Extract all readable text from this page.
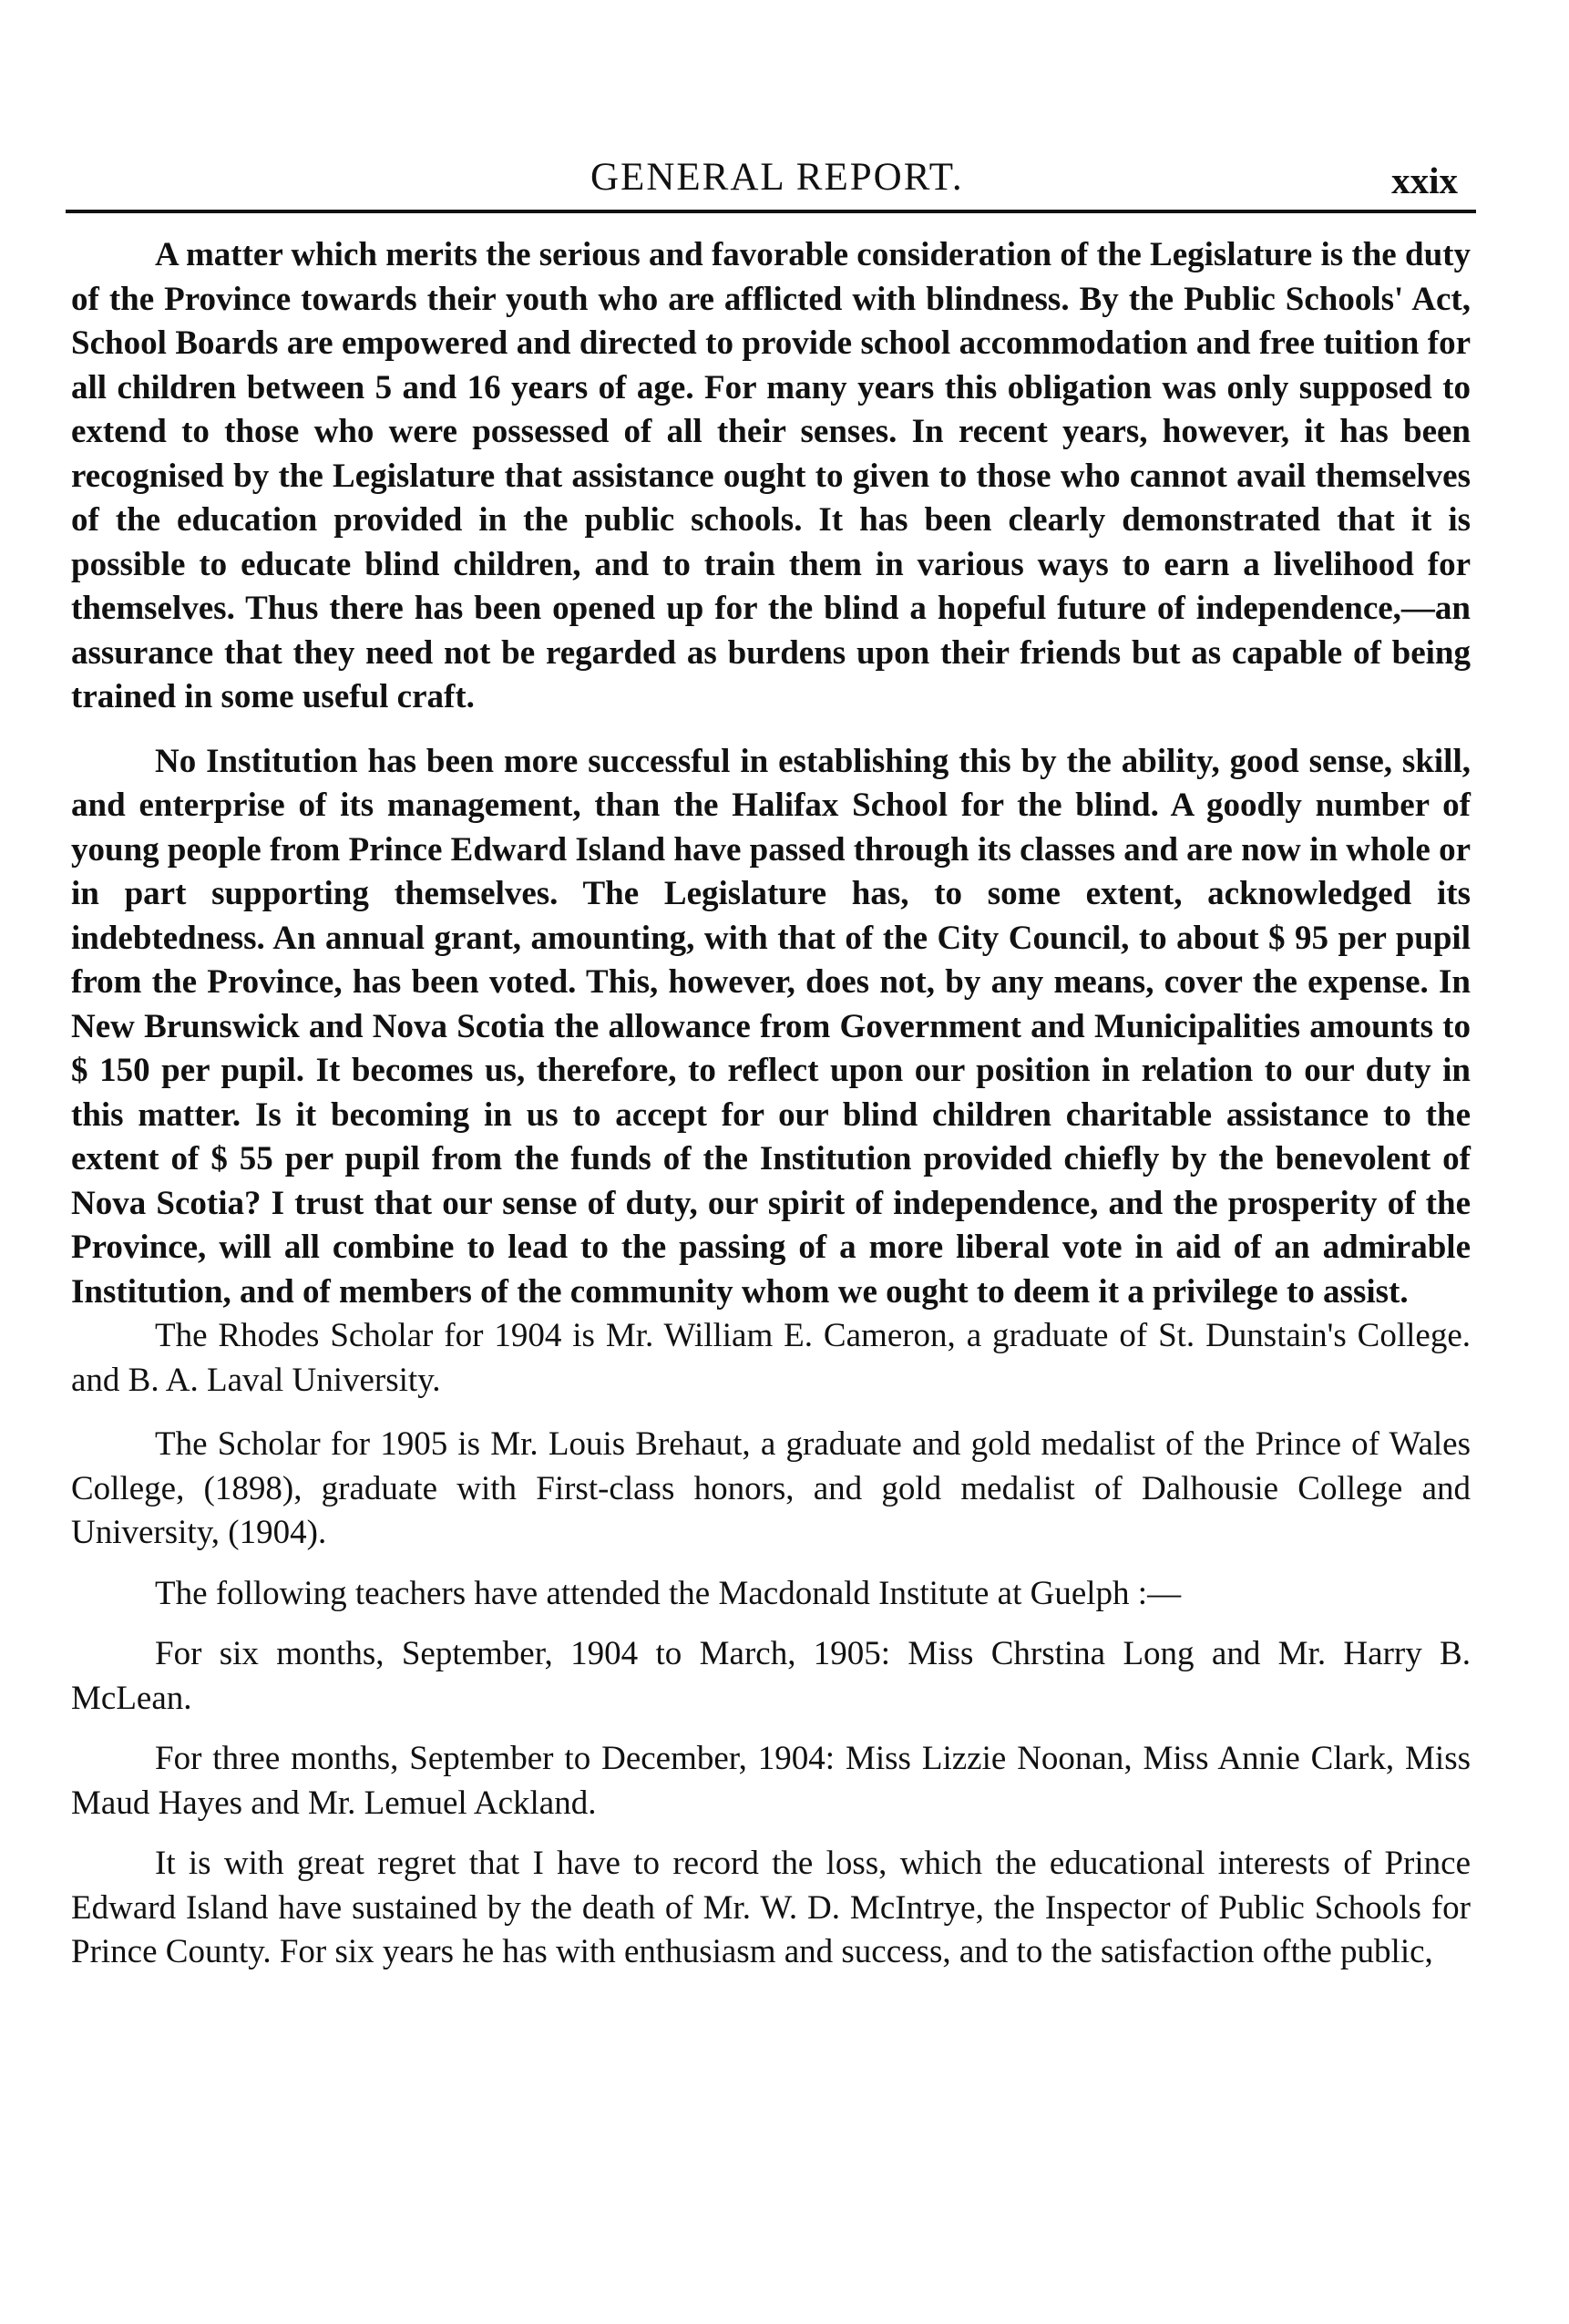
GENERAL REPORT.	xxix

A matter which merits the serious and favorable consideration of the Legislature is the duty of the Province towards their youth who are afflicted with blindness. By the Public Schools' Act, School Boards are empowered and directed to provide school accommodation and free tuition for all children between 5 and 16 years of age. For many years this obligation was only supposed to extend to those who were possessed of all their senses. In recent years, however, it has been recognised by the Legislature that assistance ought to given to those who cannot avail themselves of the education provided in the public schools. It has been clearly demonstrated that it is possible to educate blind children, and to train them in various ways to earn a livelihood for themselves. Thus there has been opened up for the blind a hopeful future of independence,—an assurance that they need not be regarded as burdens upon their friends but as capable of being trained in some useful craft.

No Institution has been more successful in establishing this by the ability, good sense, skill, and enterprise of its management, than the Halifax School for the blind. A goodly number of young people from Prince Edward Island have passed through its classes and are now in whole or in part supporting themselves. The Legislature has, to some extent, acknowledged its indebtedness. An annual grant, amounting, with that of the City Council, to about $ 95 per pupil from the Province, has been voted. This, however, does not, by any means, cover the expense. In New Brunswick and Nova Scotia the allowance from Government and Municipalities amounts to $ 150 per pupil. It becomes us, therefore, to reflect upon our position in relation to our duty in this matter. Is it becoming in us to accept for our blind children charitable assistance to the extent of $ 55 per pupil from the funds of the Institution provided chiefly by the benevolent of Nova Scotia? I trust that our sense of duty, our spirit of independence, and the prosperity of the Province, will all combine to lead to the passing of a more liberal vote in aid of an admirable Institution, and of members of the community whom we ought to deem it a privilege to assist.

The Rhodes Scholar for 1904 is Mr. William E. Cameron, a graduate of St. Dunstain's College. and B. A. Laval University.

The Scholar for 1905 is Mr. Louis Brehaut, a graduate and gold medalist of the Prince of Wales College, (1898), graduate with First-class honors, and gold medalist of Dalhousie College and University, (1904).

The following teachers have attended the Macdonald Institute at Guelph :—

For six months, September, 1904 to March, 1905: Miss Chrstina Long and Mr. Harry B. McLean.

For three months, September to December, 1904: Miss Lizzie Noonan, Miss Annie Clark, Miss Maud Hayes and Mr. Lemuel Ackland.

It is with great regret that I have to record the loss, which the educational interests of Prince Edward Island have sustained by the death of Mr. W. D. McIntrye, the Inspector of Public Schools for Prince County. For six years he has with enthusiasm and success, and to the satisfaction ofthe public,
